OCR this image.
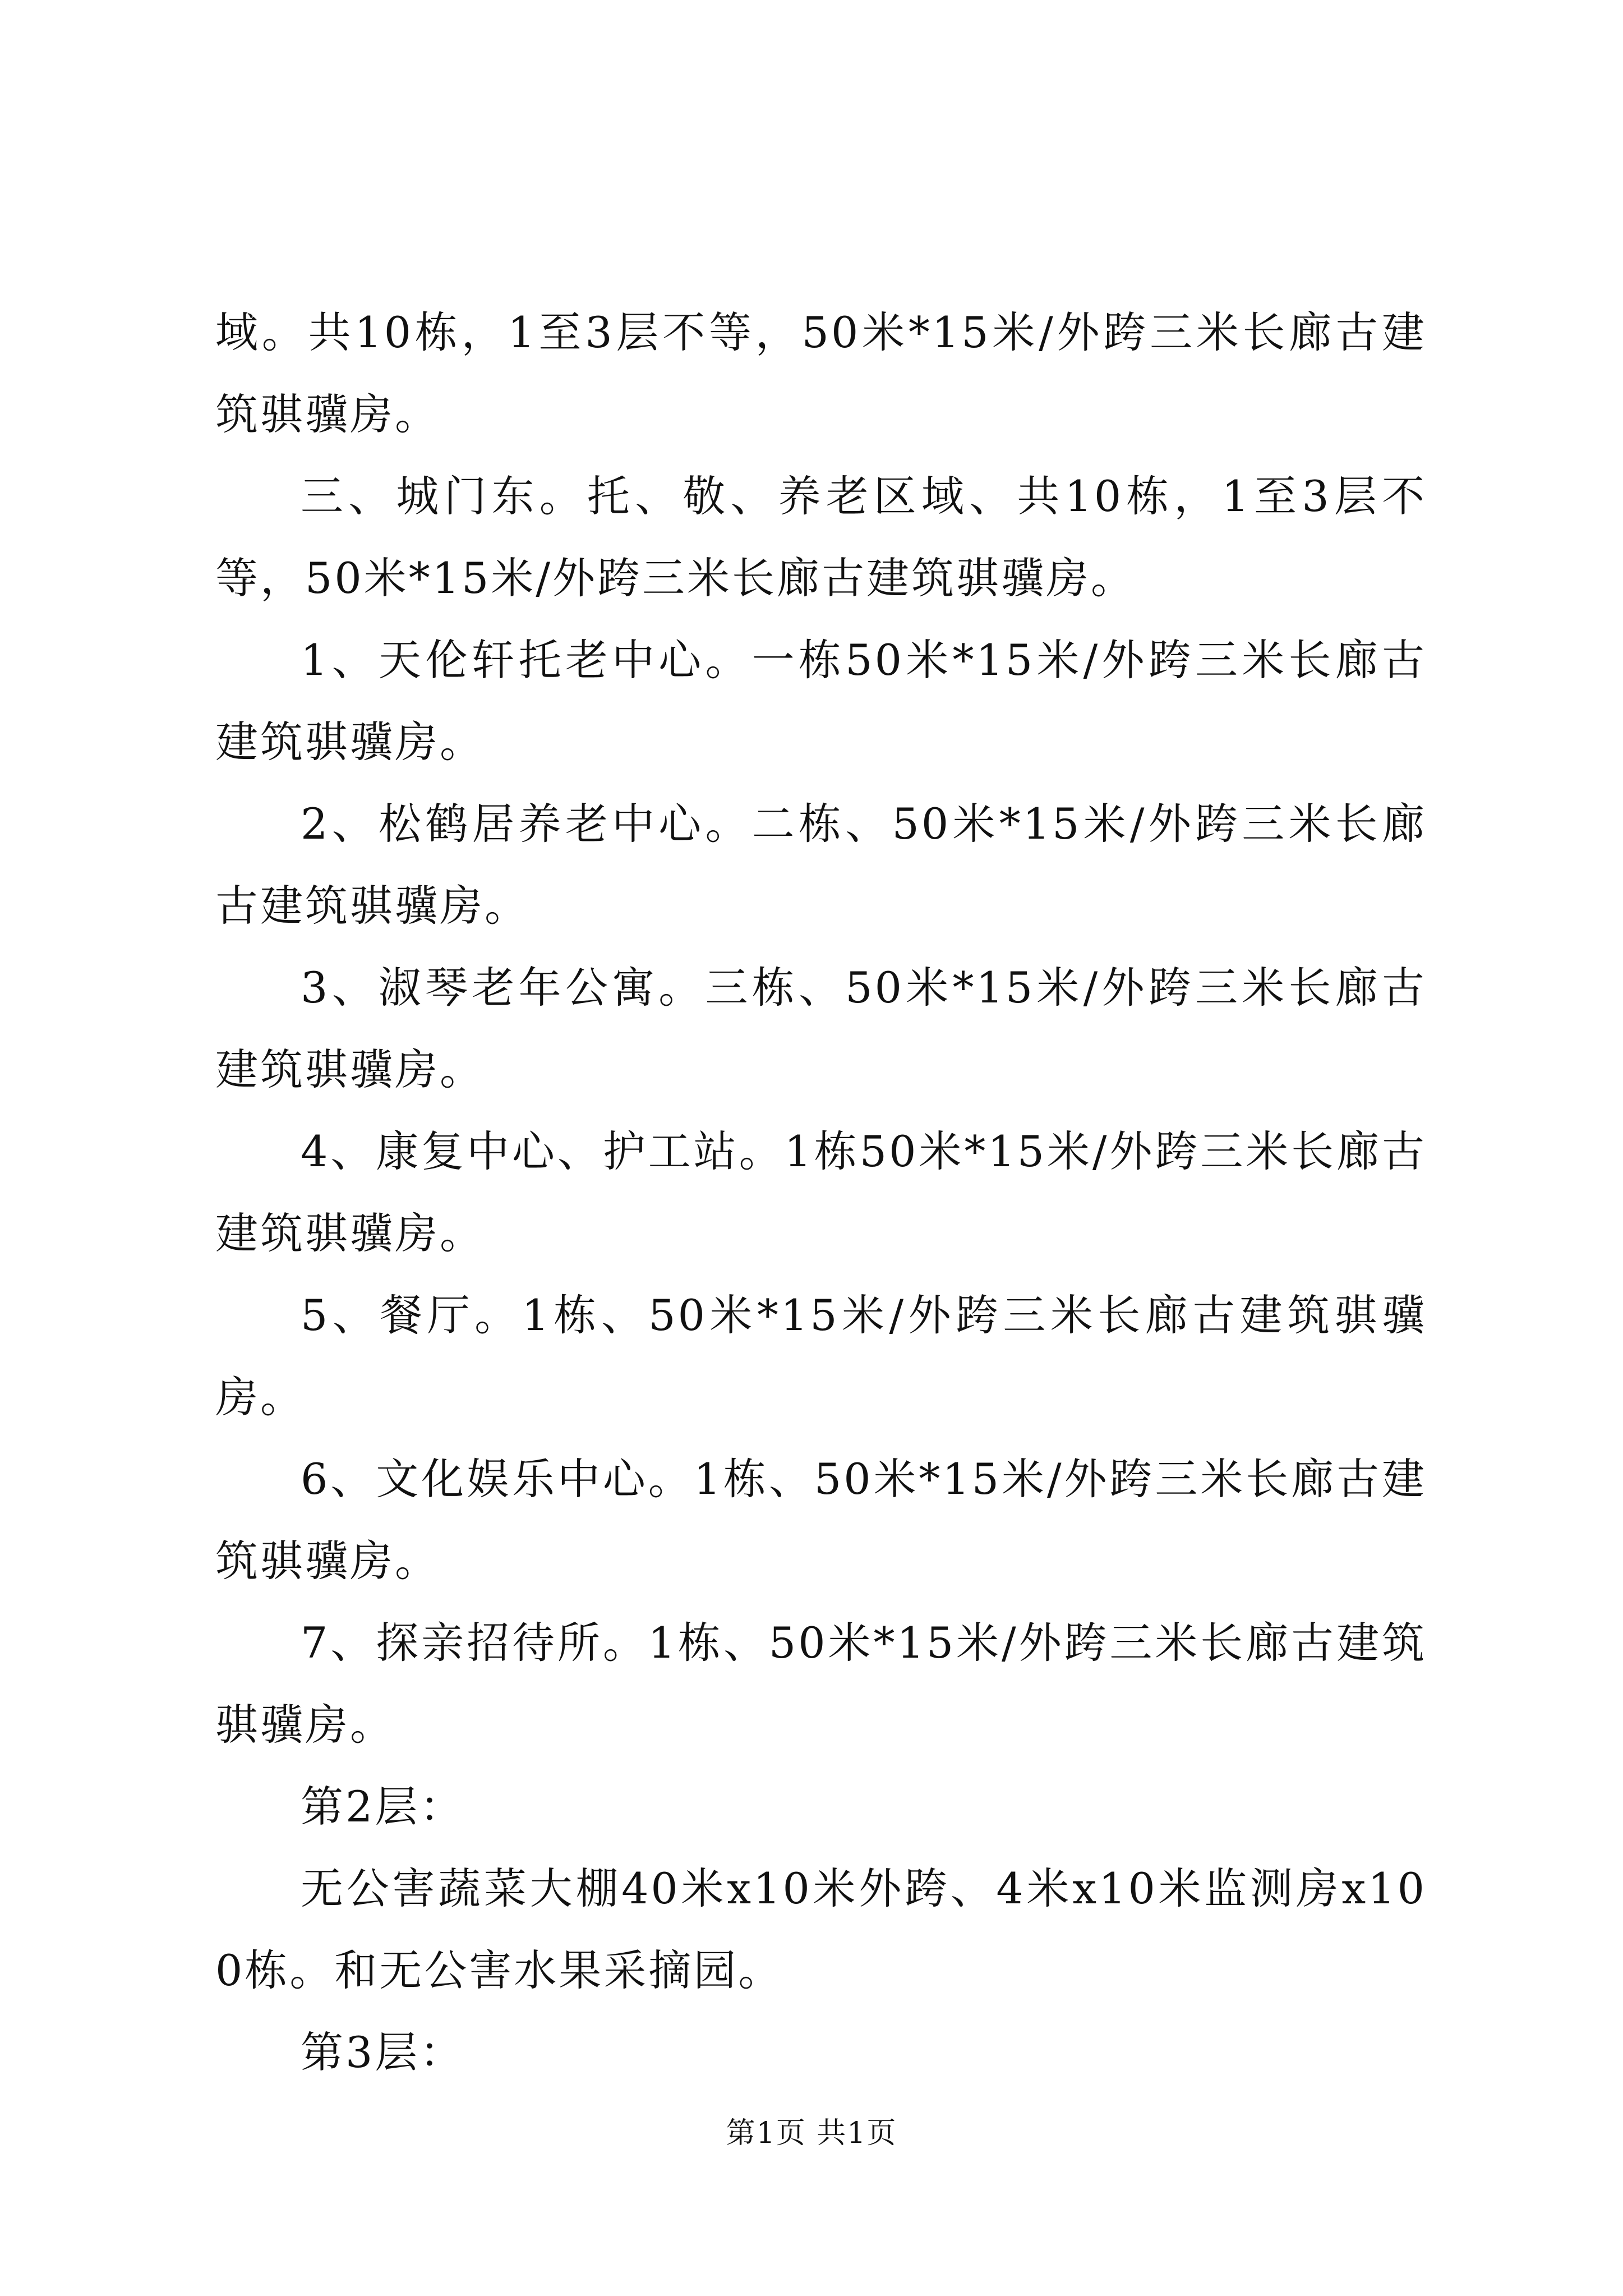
域。共10栋，1至3层不等，50米*15米/外跨三米长廊古建筑骐骥房。

三、城门东。托、敬、养老区域、共10栋，1至3层不等，50米*15米/外跨三米长廊古建筑骐骥房。

1、天伦轩托老中心。一栋50米*15米/外跨三米长廊古建筑骐骥房。

2、松鹤居养老中心。二栋、50米*15米/外跨三米长廊古建筑骐骥房。

3、淑琴老年公寓。三栋、50米*15米/外跨三米长廊古建筑骐骥房。

4、康复中心、护工站。1栋50米*15米/外跨三米长廊古建筑骐骥房。

5、餐厅。1栋、50米*15米/外跨三米长廊古建筑骐骥房。

6、文化娱乐中心。1栋、50米*15米/外跨三米长廊古建筑骐骥房。

7、探亲招待所。1栋、50米*15米/外跨三米长廊古建筑骐骥房。

第2层：

无公害蔬菜大棚40米x10米外跨、4米x10米监测房x100栋。和无公害水果采摘园。

第3层：

第1页 共1页
